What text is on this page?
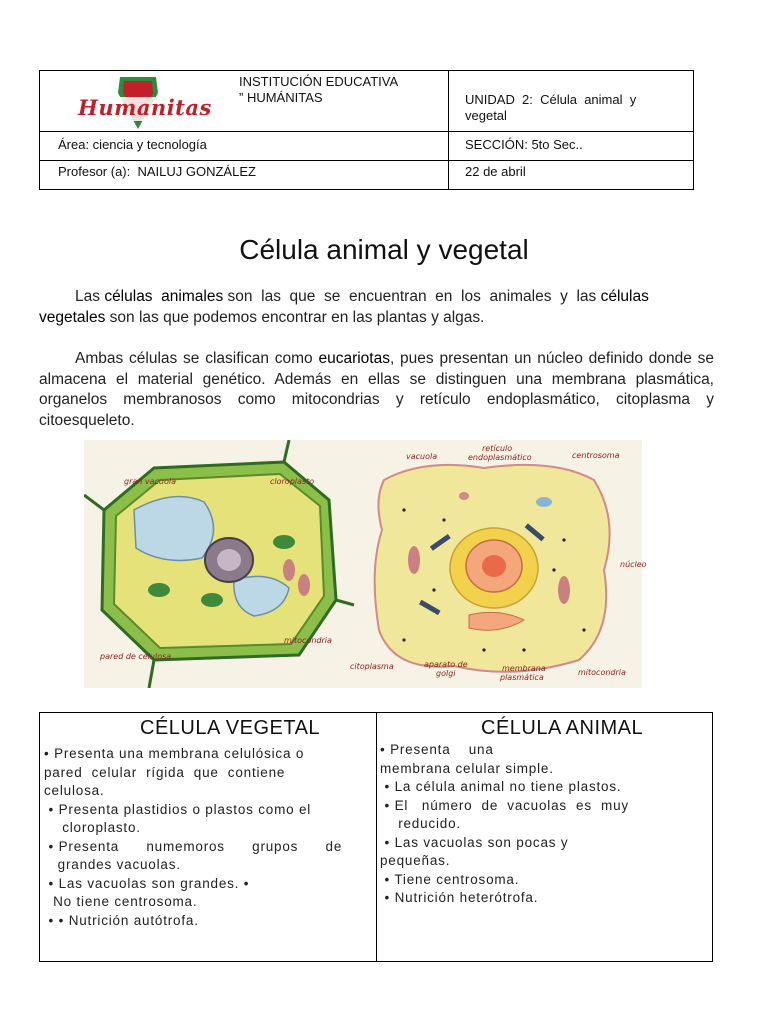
Humanitas
INSTITUCIÓN EDUCATIVA
” HUMÁNITAS	UNIDAD  2:  Célula  animal  y
vegetal
Área: ciencia y tecnología	SECCIÓN: 5to Sec..
Profesor (a):  NAILUJ GONZÁLEZ	22 de abril
Célula animal y vegetal
Las células  animales son  las  que  se  encuentran  en  los  animales  y  las células
vegetales son las que podemos encontrar en las plantas y algas.
Ambas células se clasifican como eucariotas, pues presentan un núcleo definido donde se almacena el material genético. Además en ellas se distinguen una membrana plasmática, organelos membranosos como mitocondrias y retículo endoplasmático, citoplasma y citoesqueleto.
gran vacuola	cloroplasto
pared de celulosa
mitocondria
vacuola
retículo
endoplasmático	centrosoma
núcleo
citoplasma	aparato de
golgi
membrana
plasmática
mitocondria
CÉLULA VEGETAL
• Presenta una membrana celulósica o
pared  celular  rígida  que  contiene
celulosa.
• Presenta plastidios o plastos como el
cloroplasto.
• Presenta      numemoros      grupos      de
grandes vacuolas.
• Las vacuolas son grandes. •
No tiene centrosoma.
• • Nutrición autótrofa.
CÉLULA ANIMAL
• Presenta    una
membrana celular simple.
• La célula animal no tiene plastos.
• El   número  de  vacuolas  es  muy
reducido.
• Las vacuolas son pocas y
pequeñas.
• Tiene centrosoma.
• Nutrición heterótrofa.
